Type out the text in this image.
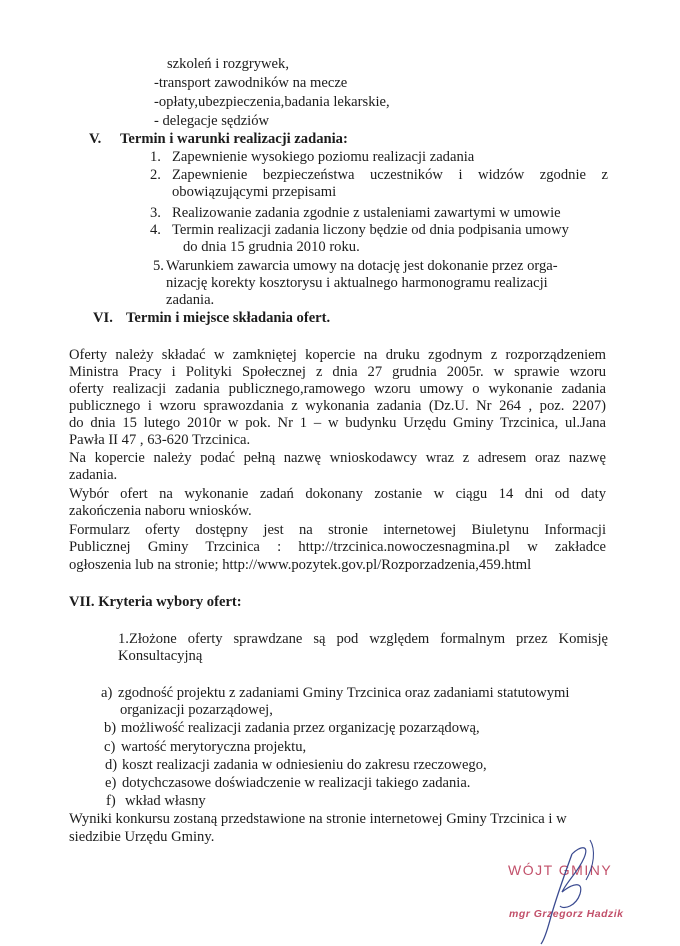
szkoleń i rozgrywek,
-transport zawodników na mecze
-opłaty,ubezpieczenia,badania lekarskie,
- delegacje sędziów
V. Termin i warunki realizacji zadania:
1. Zapewnienie wysokiego poziomu realizacji zadania
2. Zapewnienie bezpieczeństwa uczestników i widzów zgodnie z
obowiązującymi przepisami
3. Realizowanie zadania zgodnie z ustaleniami zawartymi w umowie
4. Termin realizacji zadania liczony będzie od dnia podpisania umowy
do dnia 15 grudnia 2010 roku.
5. Warunkiem zawarcia umowy na dotację jest dokonanie przez orga-
nizację korekty kosztorysu i aktualnego harmonogramu realizacji
zadania.
VI. Termin i miejsce składania ofert.
Oferty należy składać w zamkniętej kopercie na druku zgodnym z rozporządzeniem
Ministra Pracy i Polityki Społecznej z dnia 27 grudnia 2005r. w sprawie wzoru
oferty realizacji zadania publicznego,ramowego wzoru umowy o wykonanie zadania
publicznego i wzoru sprawozdania z wykonania zadania (Dz.U. Nr 264 , poz. 2207)
do dnia 15 lutego 2010r w pok. Nr 1 – w budynku Urzędu Gminy Trzcinica, ul.Jana
Pawła II 47 , 63-620 Trzcinica.
Na kopercie należy podać pełną nazwę wnioskodawcy wraz z adresem oraz nazwę
zadania.
Wybór ofert na wykonanie zadań dokonany zostanie w ciągu 14 dni od daty
zakończenia naboru wniosków.
Formularz oferty dostępny jest na stronie internetowej Biuletynu Informacji
Publicznej Gminy Trzcinica : http://trzcinica.nowoczesnagmina.pl w zakładce
ogłoszenia lub na stronie; http://www.pozytek.gov.pl/Rozporzadzenia,459.html
VII. Kryteria wybory ofert:
1.Złożone oferty sprawdzane są pod względem formalnym przez Komisję
Konsultacyjną
a) zgodność projektu z zadaniami Gminy Trzcinica oraz zadaniami statutowymi
organizacji pozarządowej,
b) możliwość realizacji zadania przez organizację pozarządową,
c) wartość merytoryczna projektu,
d) koszt realizacji zadania w odniesieniu do zakresu rzeczowego,
e) dotychczasowe doświadczenie w realizacji takiego zadania.
f) wkład własny
Wyniki konkursu zostaną przedstawione na stronie internetowej Gminy Trzcinica i w
siedzibie Urzędu Gminy.
WÓJT GMINY
mgr Grzegorz Hadzik
